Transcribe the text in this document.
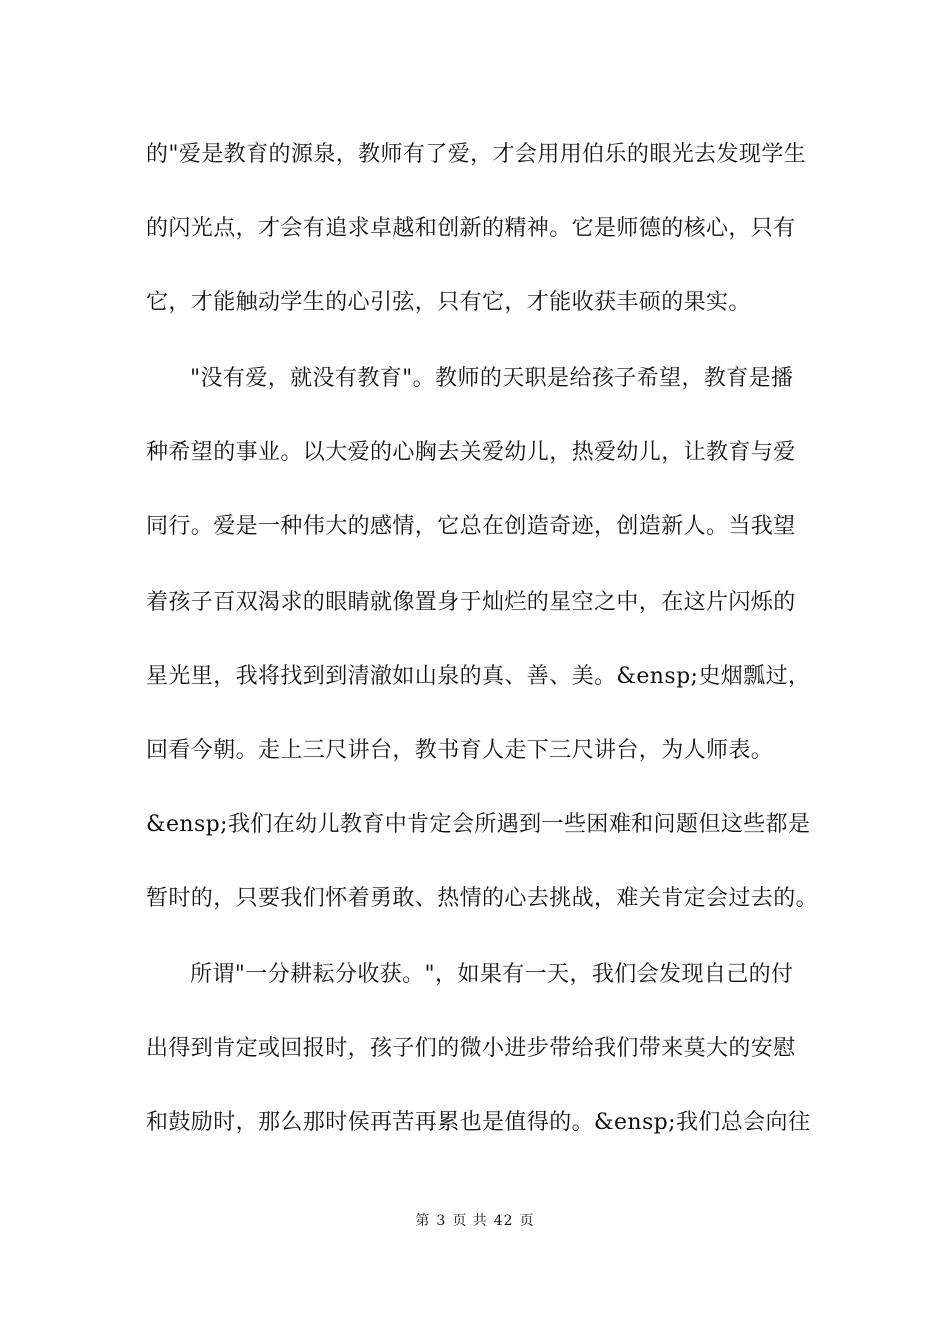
的"爱是教育的源泉，教师有了爱，才会用用伯乐的眼光去发现学生
的闪光点，才会有追求卓越和创新的精神。它是师德的核心，只有
它，才能触动学生的心引弦，只有它，才能收获丰硕的果实。
"没有爱，就没有教育"。教师的天职是给孩子希望，教育是播
种希望的事业。以大爱的心胸去关爱幼儿，热爱幼儿，让教育与爱
同行。爱是一种伟大的感情，它总在创造奇迹，创造新人。当我望
着孩子百双渴求的眼睛就像置身于灿烂的星空之中，在这片闪烁的
星光里，我将找到到清澈如山泉的真、善、美。&ensp;史烟瓢过，
回看今朝。走上三尺讲台，教书育人走下三尺讲台，为人师表。
&ensp;我们在幼儿教育中肯定会所遇到一些困难和问题但这些都是
暂时的，只要我们怀着勇敢、热情的心去挑战，难关肯定会过去的。
所谓"一分耕耘分收获。"，如果有一天，我们会发现自己的付
出得到肯定或回报时，孩子们的微小进步带给我们带来莫大的安慰
和鼓励时，那么那时侯再苦再累也是值得的。&ensp;我们总会向往
第 3 页 共 42 页
